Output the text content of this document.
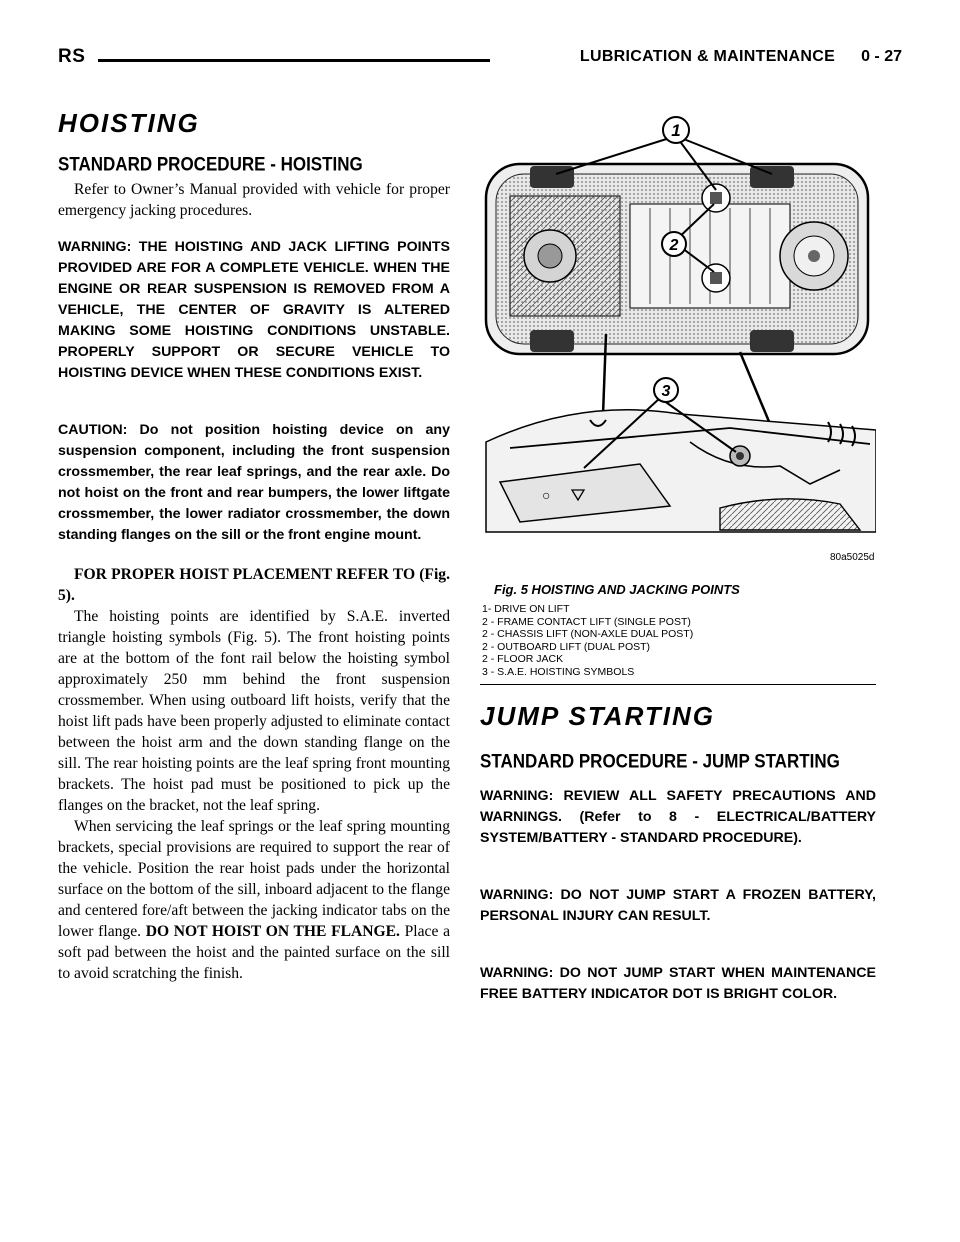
RS	LUBRICATION & MAINTENANCE 0 - 27
HOISTING
STANDARD PROCEDURE - HOISTING

Refer to Owner’s Manual provided with vehicle for proper emergency jacking procedures.

WARNING: THE HOISTING AND JACK LIFTING POINTS PROVIDED ARE FOR A COMPLETE VEHICLE. WHEN THE ENGINE OR REAR SUSPENSION IS REMOVED FROM A VEHICLE, THE CENTER OF GRAVITY IS ALTERED MAKING SOME HOISTING CONDITIONS UNSTABLE. PROPERLY SUPPORT OR SECURE VEHICLE TO HOISTING DEVICE WHEN THESE CONDITIONS EXIST.

CAUTION: Do not position hoisting device on any suspension component, including the front suspension crossmember, the rear leaf springs, and the rear axle. Do not hoist on the front and rear bumpers, the lower liftgate crossmember, the lower radiator crossmember, the down standing flanges on the sill or the front engine mount.

FOR PROPER HOIST PLACEMENT REFER TO (Fig. 5).

The hoisting points are identified by S.A.E. inverted triangle hoisting symbols (Fig. 5). The front hoisting points are at the bottom of the font rail below the hoisting symbol approximately 250 mm behind the front suspension crossmember. When using outboard lift hoists, verify that the hoist lift pads have been properly adjusted to eliminate contact between the hoist arm and the down standing flange on the sill. The rear hoisting points are the leaf spring front mounting brackets. The hoist pad must be positioned to pick up the flanges on the bracket, not the leaf spring.

When servicing the leaf springs or the leaf spring mounting brackets, special provisions are required to support the rear of the vehicle. Position the rear hoist pads under the horizontal surface on the bottom of the sill, inboard adjacent to the flange and centered fore/aft between the jacking indicator tabs on the lower flange. DO NOT HOIST ON THE FLANGE. Place a soft pad between the hoist and the painted surface on the sill to avoid scratching the finish.

1
2
○
3
80a5025d
Fig. 5 HOISTING AND JACKING POINTS
1- DRIVE ON LIFT
2 - FRAME CONTACT LIFT (SINGLE POST)
2 - CHASSIS LIFT (NON-AXLE DUAL POST)
2 - OUTBOARD LIFT (DUAL POST)
2 - FLOOR JACK
3 - S.A.E. HOISTING SYMBOLS
JUMP STARTING
STANDARD PROCEDURE - JUMP STARTING

WARNING: REVIEW ALL SAFETY PRECAUTIONS AND WARNINGS. (Refer to 8 - ELECTRICAL/BATTERY SYSTEM/BATTERY - STANDARD PROCEDURE).

WARNING: DO NOT JUMP START A FROZEN BATTERY, PERSONAL INJURY CAN RESULT.

WARNING: DO NOT JUMP START WHEN MAINTENANCE FREE BATTERY INDICATOR DOT IS BRIGHT COLOR.
